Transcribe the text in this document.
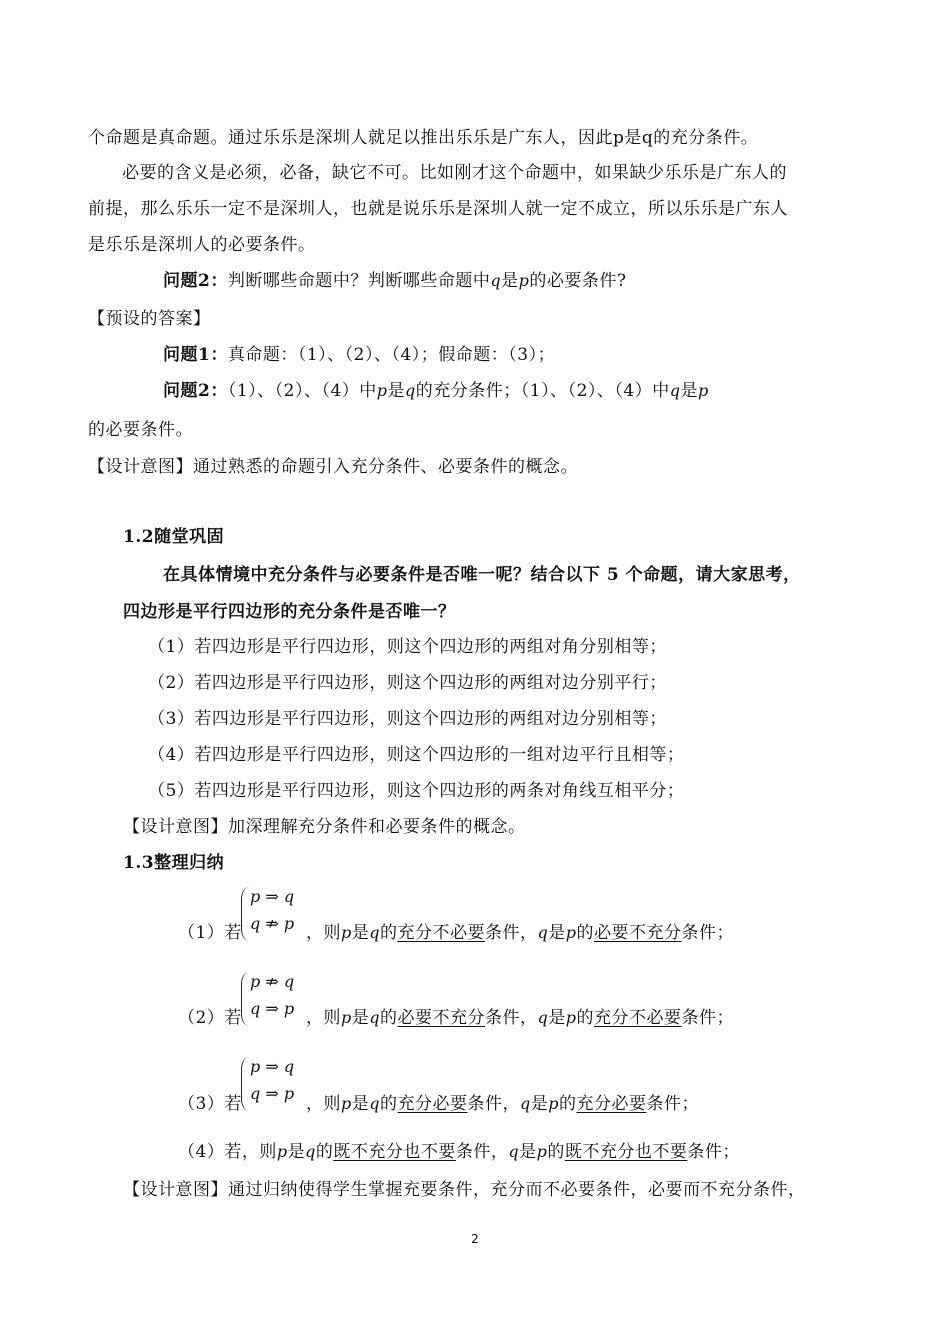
个命题是真命题。通过乐乐是深圳人就足以推出乐乐是广东人，因此p是q的充分条件。
必要的含义是必须，必备，缺它不可。比如刚才这个命题中，如果缺少乐乐是广东人的
前提，那么乐乐一定不是深圳人，也就是说乐乐是深圳人就一定不成立，所以乐乐是广东人
是乐乐是深圳人的必要条件。
问题2：判断哪些命题中？判断哪些命题中q是p的必要条件?
【预设的答案】
问题1：真命题：（1）、（2）、（4）；假命题：（3）；
问题2：（1）、（2）、（4）中p是q的充分条件；（1）、（2）、（4）中q是p
的必要条件。
【设计意图】通过熟悉的命题引入充分条件、必要条件的概念。
1.2随堂巩固
在具体情境中充分条件与必要条件是否唯一呢？结合以下 5 个命题，请大家思考，
四边形是平行四边形的充分条件是否唯一？
（1）若四边形是平行四边形，则这个四边形的两组对角分别相等；
（2）若四边形是平行四边形，则这个四边形的两组对边分别平行；
（3）若四边形是平行四边形，则这个四边形的两组对边分别相等；
（4）若四边形是平行四边形，则这个四边形的一组对边平行且相等；
（5）若四边形是平行四边形，则这个四边形的两条对角线互相平分；
【设计意图】加深理解充分条件和必要条件的概念。
1.3整理归纳
p ⇒ q
q ⇏ p
（1）若	，则p是q的充分不必要条件，q是p的必要不充分条件；
p ⇏ q
q ⇒ p
（2）若	，则p是q的必要不充分条件，q是p的充分不必要条件；
p ⇒ q
q ⇒ p
（3）若	，则p是q的充分必要条件，q是p的充分必要条件；
（4）若，则p是q的既不充分也不要条件，q是p的既不充分也不要条件；
【设计意图】通过归纳使得学生掌握充要条件，充分而不必要条件，必要而不充分条件，
2
